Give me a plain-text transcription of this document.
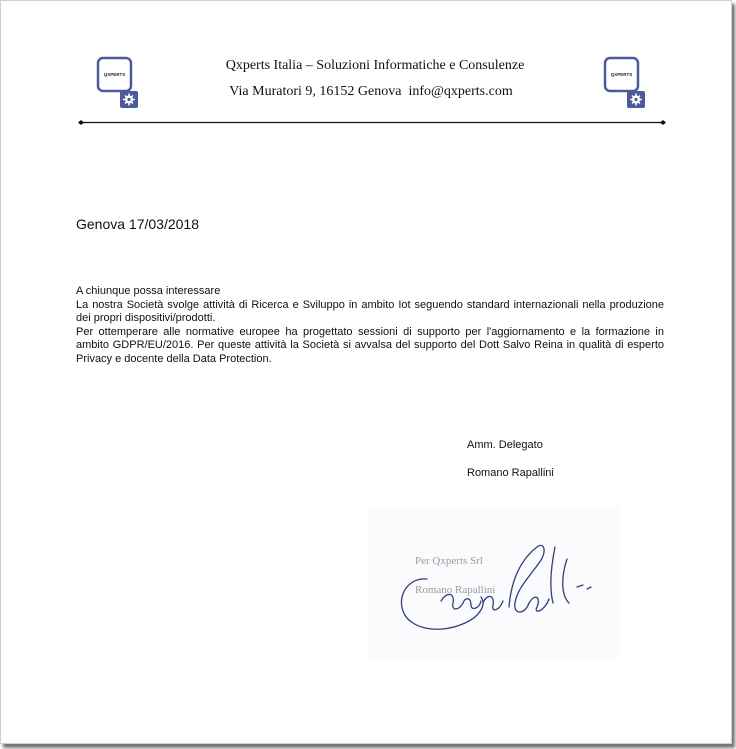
QXPERTS	QXPERTS
Qxperts Italia – Soluzioni Informatiche e Consulenze
Via Muratori 9, 16152 Genova  info@qxperts.com
Genova 17/03/2018

A chiunque possa interessare

La nostra Società svolge attività di Ricerca e Sviluppo in ambito Iot seguendo standard internazionali nella produzione dei propri dispositivi/prodotti.

Per ottemperare alle normative europee ha progettato sessioni di supporto per l'aggiornamento e la formazione in ambito GDPR/EU/2016. Per queste attività la Società si avvalsa del supporto del Dott Salvo Reina in qualità di esperto Privacy e docente della Data Protection.

Amm. Delegato
Romano Rapallini
Per Qxperts Srl
Romano Rapallini
